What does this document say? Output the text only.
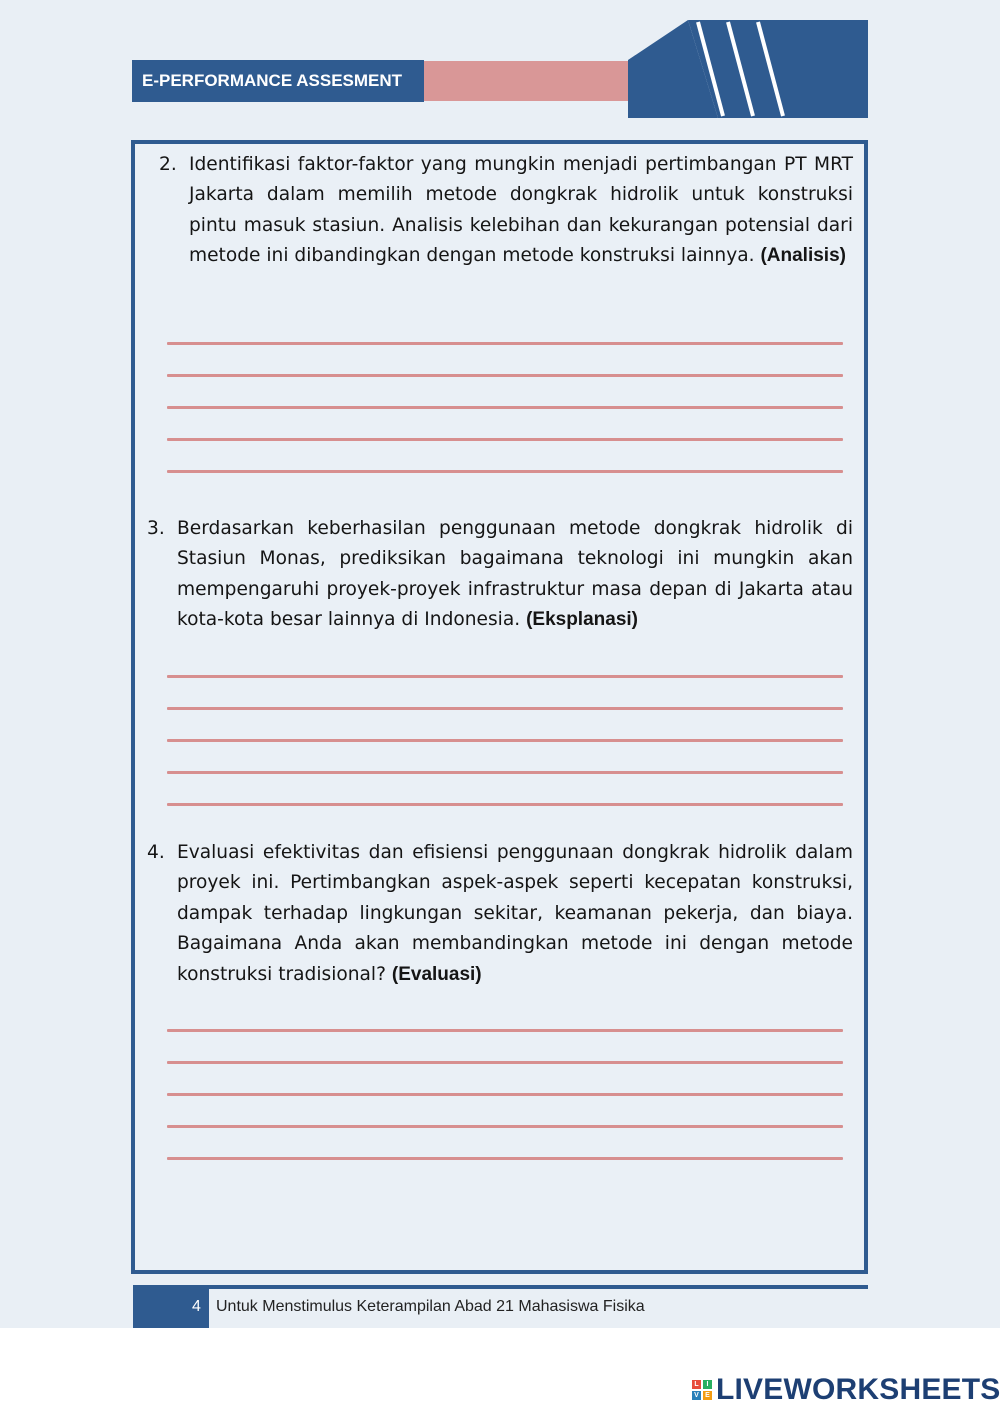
E-PERFORMANCE ASSESMENT
2. Identifikasi faktor-faktor yang mungkin menjadi pertimbangan PT MRT Jakarta dalam memilih metode dongkrak hidrolik untuk konstruksi pintu masuk stasiun. Analisis kelebihan dan kekurangan potensial dari metode ini dibandingkan dengan metode konstruksi lainnya. (Analisis)
3. Berdasarkan keberhasilan penggunaan metode dongkrak hidrolik di Stasiun Monas, prediksikan bagaimana teknologi ini mungkin akan mempengaruhi proyek-proyek infrastruktur masa depan di Jakarta atau kota-kota besar lainnya di Indonesia. (Eksplanasi)
4. Evaluasi efektivitas dan efisiensi penggunaan dongkrak hidrolik dalam proyek ini. Pertimbangkan aspek-aspek seperti kecepatan konstruksi, dampak terhadap lingkungan sekitar, keamanan pekerja, dan biaya. Bagaimana Anda akan membandingkan metode ini dengan metode konstruksi tradisional? (Evaluasi)
4 Untuk Menstimulus Keterampilan Abad 21 Mahasiswa Fisika
L	I
V E LIVEWORKSHEETS
